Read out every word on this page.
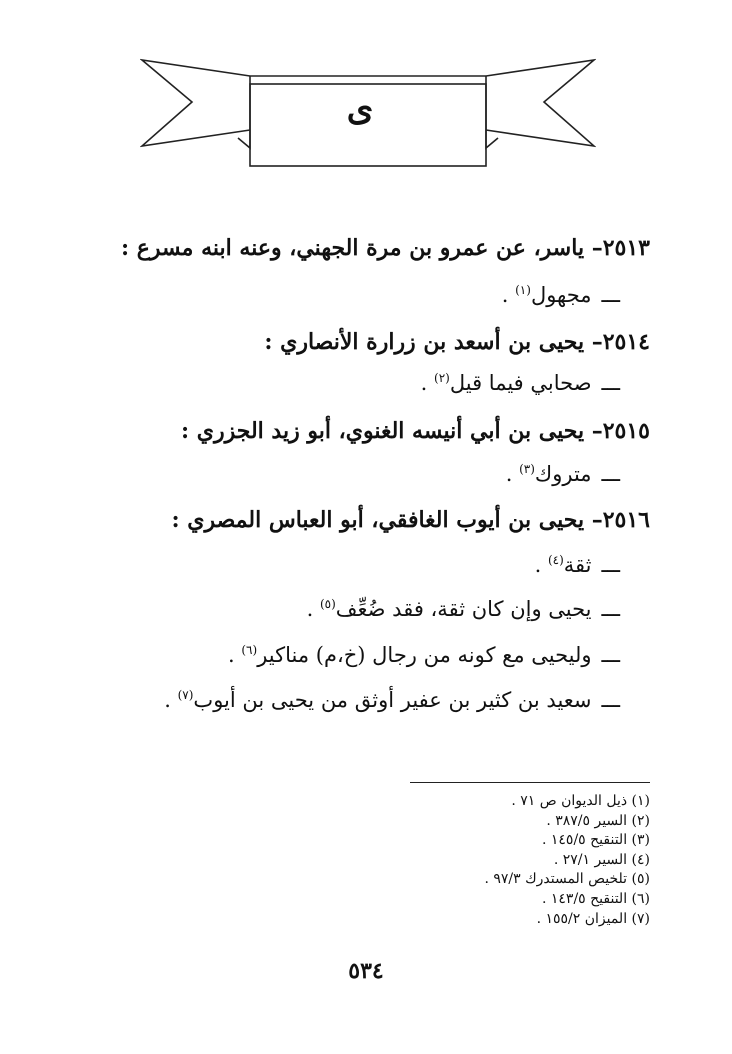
ى
٢٥١٣– ياسر، عن عمرو بن مرة الجهني، وعنه ابنه مسرع :
ـــمجهول$^{(١)}$ .
٢٥١٤– يحيى بن أسعد بن زرارة الأنصاري :
ـــصحابي فيما قيل$^{(٢)}$ .
٢٥١٥– يحيى بن أبي أنيسه الغنوي، أبو زيد الجزري :
ـــمتروك$^{(٣)}$ .
٢٥١٦– يحيى بن أيوب الغافقي، أبو العباس المصري :
ـــثقة$^{(٤)}$ .
ـــيحيى وإن كان ثقة، فقد ضُعِّف$^{(٥)}$ .
ـــوليحيى مع كونه من رجال (خ،م) مناكير$^{(٦)}$ .
ـــسعيد بن كثير بن عفير أوثق من يحيى بن أيوب$^{(٧)}$ .
(١) ذيل الديوان ص ٧١ .
(٢) السير ٣٨٧/٥ .
(٣) التنقيح ١٤٥/٥ .
(٤) السير ٢٧/١ .
(٥) تلخيص المستدرك ٩٧/٣ .
(٦) التنقيح ١٤٣/٥ .
(٧) الميزان ١٥٥/٢ .
٥٣٤
